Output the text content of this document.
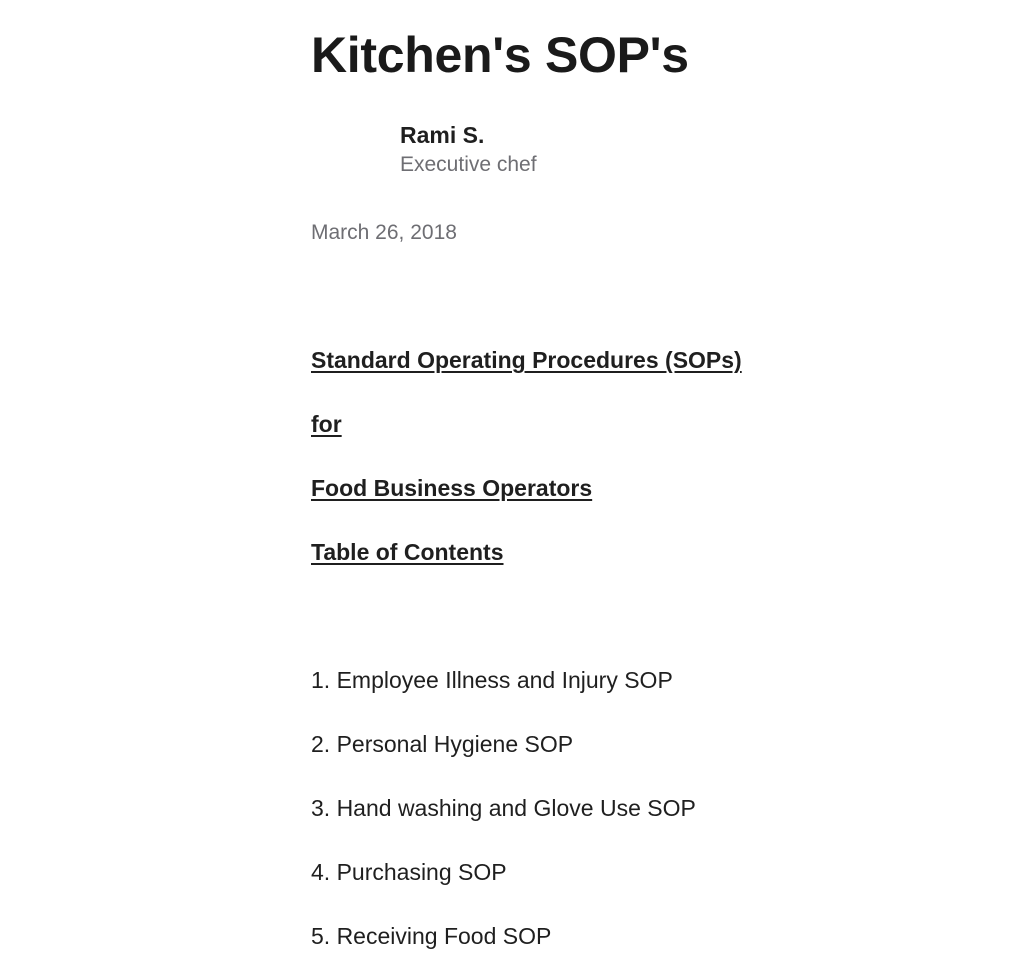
Kitchen's SOP's
Rami S.
Executive chef
March 26, 2018

Standard Operating Procedures (SOPs)

for

Food Business Operators

Table of Contents

1. Employee Illness and Injury SOP
2. Personal Hygiene SOP
3. Hand washing and Glove Use SOP
4. Purchasing SOP
5. Receiving Food SOP
